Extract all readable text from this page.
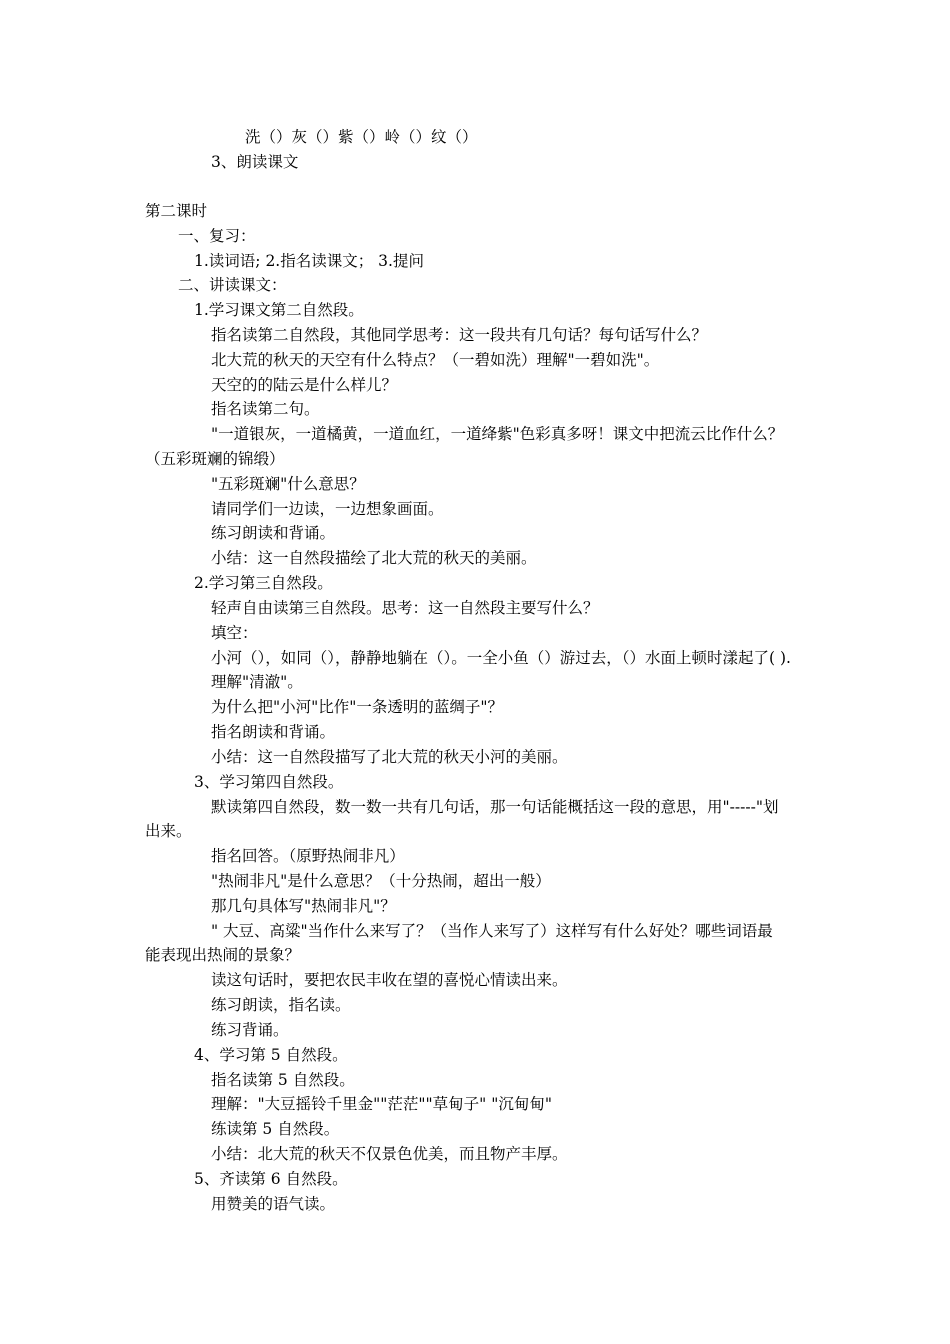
洗（）灰（）紫（）岭（）纹（）
3、朗读课文
第二课时
一、复习：
1.读词语; 2.指名读课文； 3.提问
二、讲读课文：
1.学习课文第二自然段。
指名读第二自然段，其他同学思考：这一段共有几句话？每句话写什么？
北大荒的秋天的天空有什么特点？（一碧如洗）理解"一碧如洗"。
天空的的陆云是什么样儿？
指名读第二句。
"一道银灰，一道橘黄，一道血红，一道绛紫"色彩真多呀！课文中把流云比作什么？
（五彩斑斓的锦缎）
"五彩斑斓"什么意思？
请同学们一边读，一边想象画面。
练习朗读和背诵。
小结：这一自然段描绘了北大荒的秋天的美丽。
2.学习第三自然段。
轻声自由读第三自然段。思考：这一自然段主要写什么？
填空：
小河（），如同（），静静地躺在（）。一全小鱼（）游过去，（）水面上顿时漾起了( ).
理解"清澈"。
为什么把"小河"比作"一条透明的蓝绸子"？
指名朗读和背诵。
小结：这一自然段描写了北大荒的秋天小河的美丽。
3、学习第四自然段。
默读第四自然段，数一数一共有几句话，那一句话能概括这一段的意思，用"-----"划
出来。
指名回答。（原野热闹非凡）
"热闹非凡"是什么意思？（十分热闹，超出一般）
那几句具体写"热闹非凡"？
" 大豆、高粱"当作什么来写了？（当作人来写了）这样写有什么好处？哪些词语最
能表现出热闹的景象？
读这句话时，要把农民丰收在望的喜悦心情读出来。
练习朗读，指名读。
练习背诵。
4、学习第 5 自然段。
指名读第 5 自然段。
理解："大豆摇铃千里金""茫茫""草甸子" "沉甸甸"
练读第 5 自然段。
小结：北大荒的秋天不仅景色优美，而且物产丰厚。
5、齐读第 6 自然段。
用赞美的语气读。
